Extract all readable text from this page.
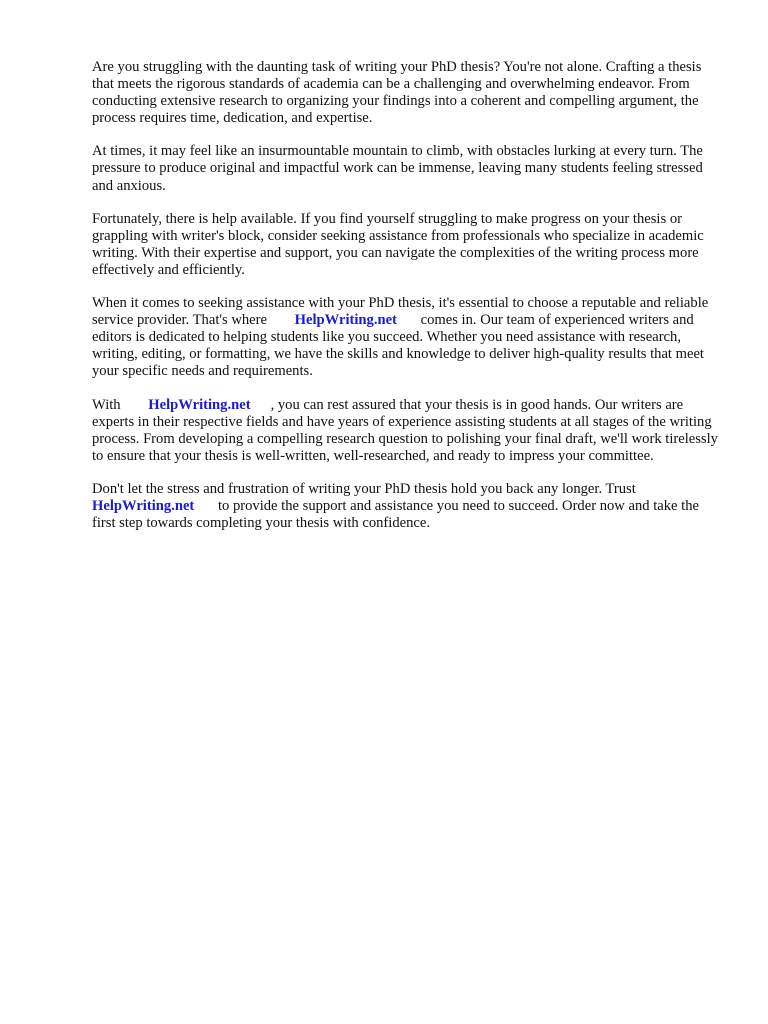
Are you struggling with the daunting task of writing your PhD thesis? You're not alone. Crafting a thesis that meets the rigorous standards of academia can be a challenging and overwhelming endeavor. From conducting extensive research to organizing your findings into a coherent and compelling argument, the process requires time, dedication, and expertise.

At times, it may feel like an insurmountable mountain to climb, with obstacles lurking at every turn. The pressure to produce original and impactful work can be immense, leaving many students feeling stressed and anxious.

Fortunately, there is help available. If you find yourself struggling to make progress on your thesis or grappling with writer's block, consider seeking assistance from professionals who specialize in academic writing. With their expertise and support, you can navigate the complexities of the writing process more effectively and efficiently.

When it comes to seeking assistance with your PhD thesis, it's essential to choose a reputable and reliable service provider. That's where HelpWriting.net comes in. Our team of experienced writers and editors is dedicated to helping students like you succeed. Whether you need assistance with research, writing, editing, or formatting, we have the skills and knowledge to deliver high-quality results that meet your specific needs and requirements.

With HelpWriting.net , you can rest assured that your thesis is in good hands. Our writers are experts in their respective fields and have years of experience assisting students at all stages of the writing process. From developing a compelling research question to polishing your final draft, we'll work tirelessly to ensure that your thesis is well-written, well-researched, and ready to impress your committee.

Don't let the stress and frustration of writing your PhD thesis hold you back any longer. Trust HelpWriting.net to provide the support and assistance you need to succeed. Order now and take the first step towards completing your thesis with confidence.
